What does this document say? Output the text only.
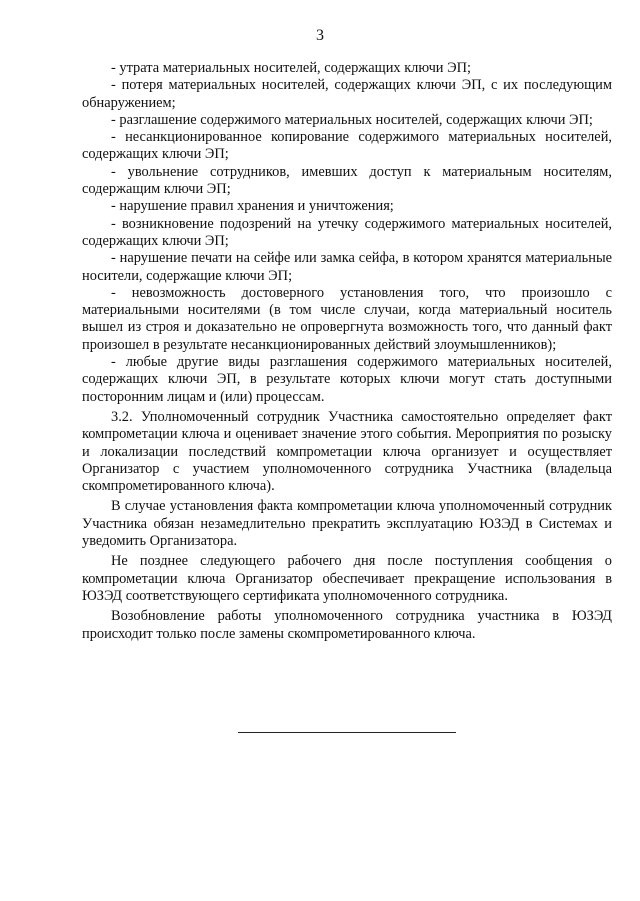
3

- утрата материальных носителей, содержащих ключи ЭП;

- потеря материальных носителей, содержащих ключи ЭП, с их последующим обнаружением;

- разглашение содержимого материальных носителей, содержащих ключи ЭП;

- несанкционированное копирование содержимого материальных носителей, содержащих ключи ЭП;

- увольнение сотрудников, имевших доступ к материальным носителям, содержащим ключи ЭП;

- нарушение правил хранения и уничтожения;

- возникновение подозрений на утечку содержимого материальных носителей, содержащих ключи ЭП;

- нарушение печати на сейфе или замка сейфа, в котором хранятся материальные носители, содержащие ключи ЭП;

- невозможность достоверного установления того, что произошло с материальными носителями (в том числе случаи, когда материальный носитель вышел из строя и доказательно не опровергнута возможность того, что данный факт произошел в результате несанкционированных действий злоумышленников);

- любые другие виды разглашения содержимого материальных носителей, содержащих ключи ЭП, в результате которых ключи могут стать доступными посторонним лицам и (или) процессам.

3.2. Уполномоченный сотрудник Участника самостоятельно определяет факт компрометации ключа и оценивает значение этого события. Мероприятия по розыску и локализации последствий компрометации ключа организует и осуществляет Организатор с участием уполномоченного сотрудника Участника (владельца скомпрометированного ключа).

В случае установления факта компрометации ключа уполномоченный сотрудник Участника обязан незамедлительно прекратить эксплуатацию ЮЗЭД в Системах и уведомить Организатора.

Не позднее следующего рабочего дня после поступления сообщения о компрометации ключа Организатор обеспечивает прекращение использования в ЮЗЭД соответствующего сертификата уполномоченного сотрудника.

Возобновление работы уполномоченного сотрудника участника в ЮЗЭД происходит только после замены скомпрометированного ключа.
